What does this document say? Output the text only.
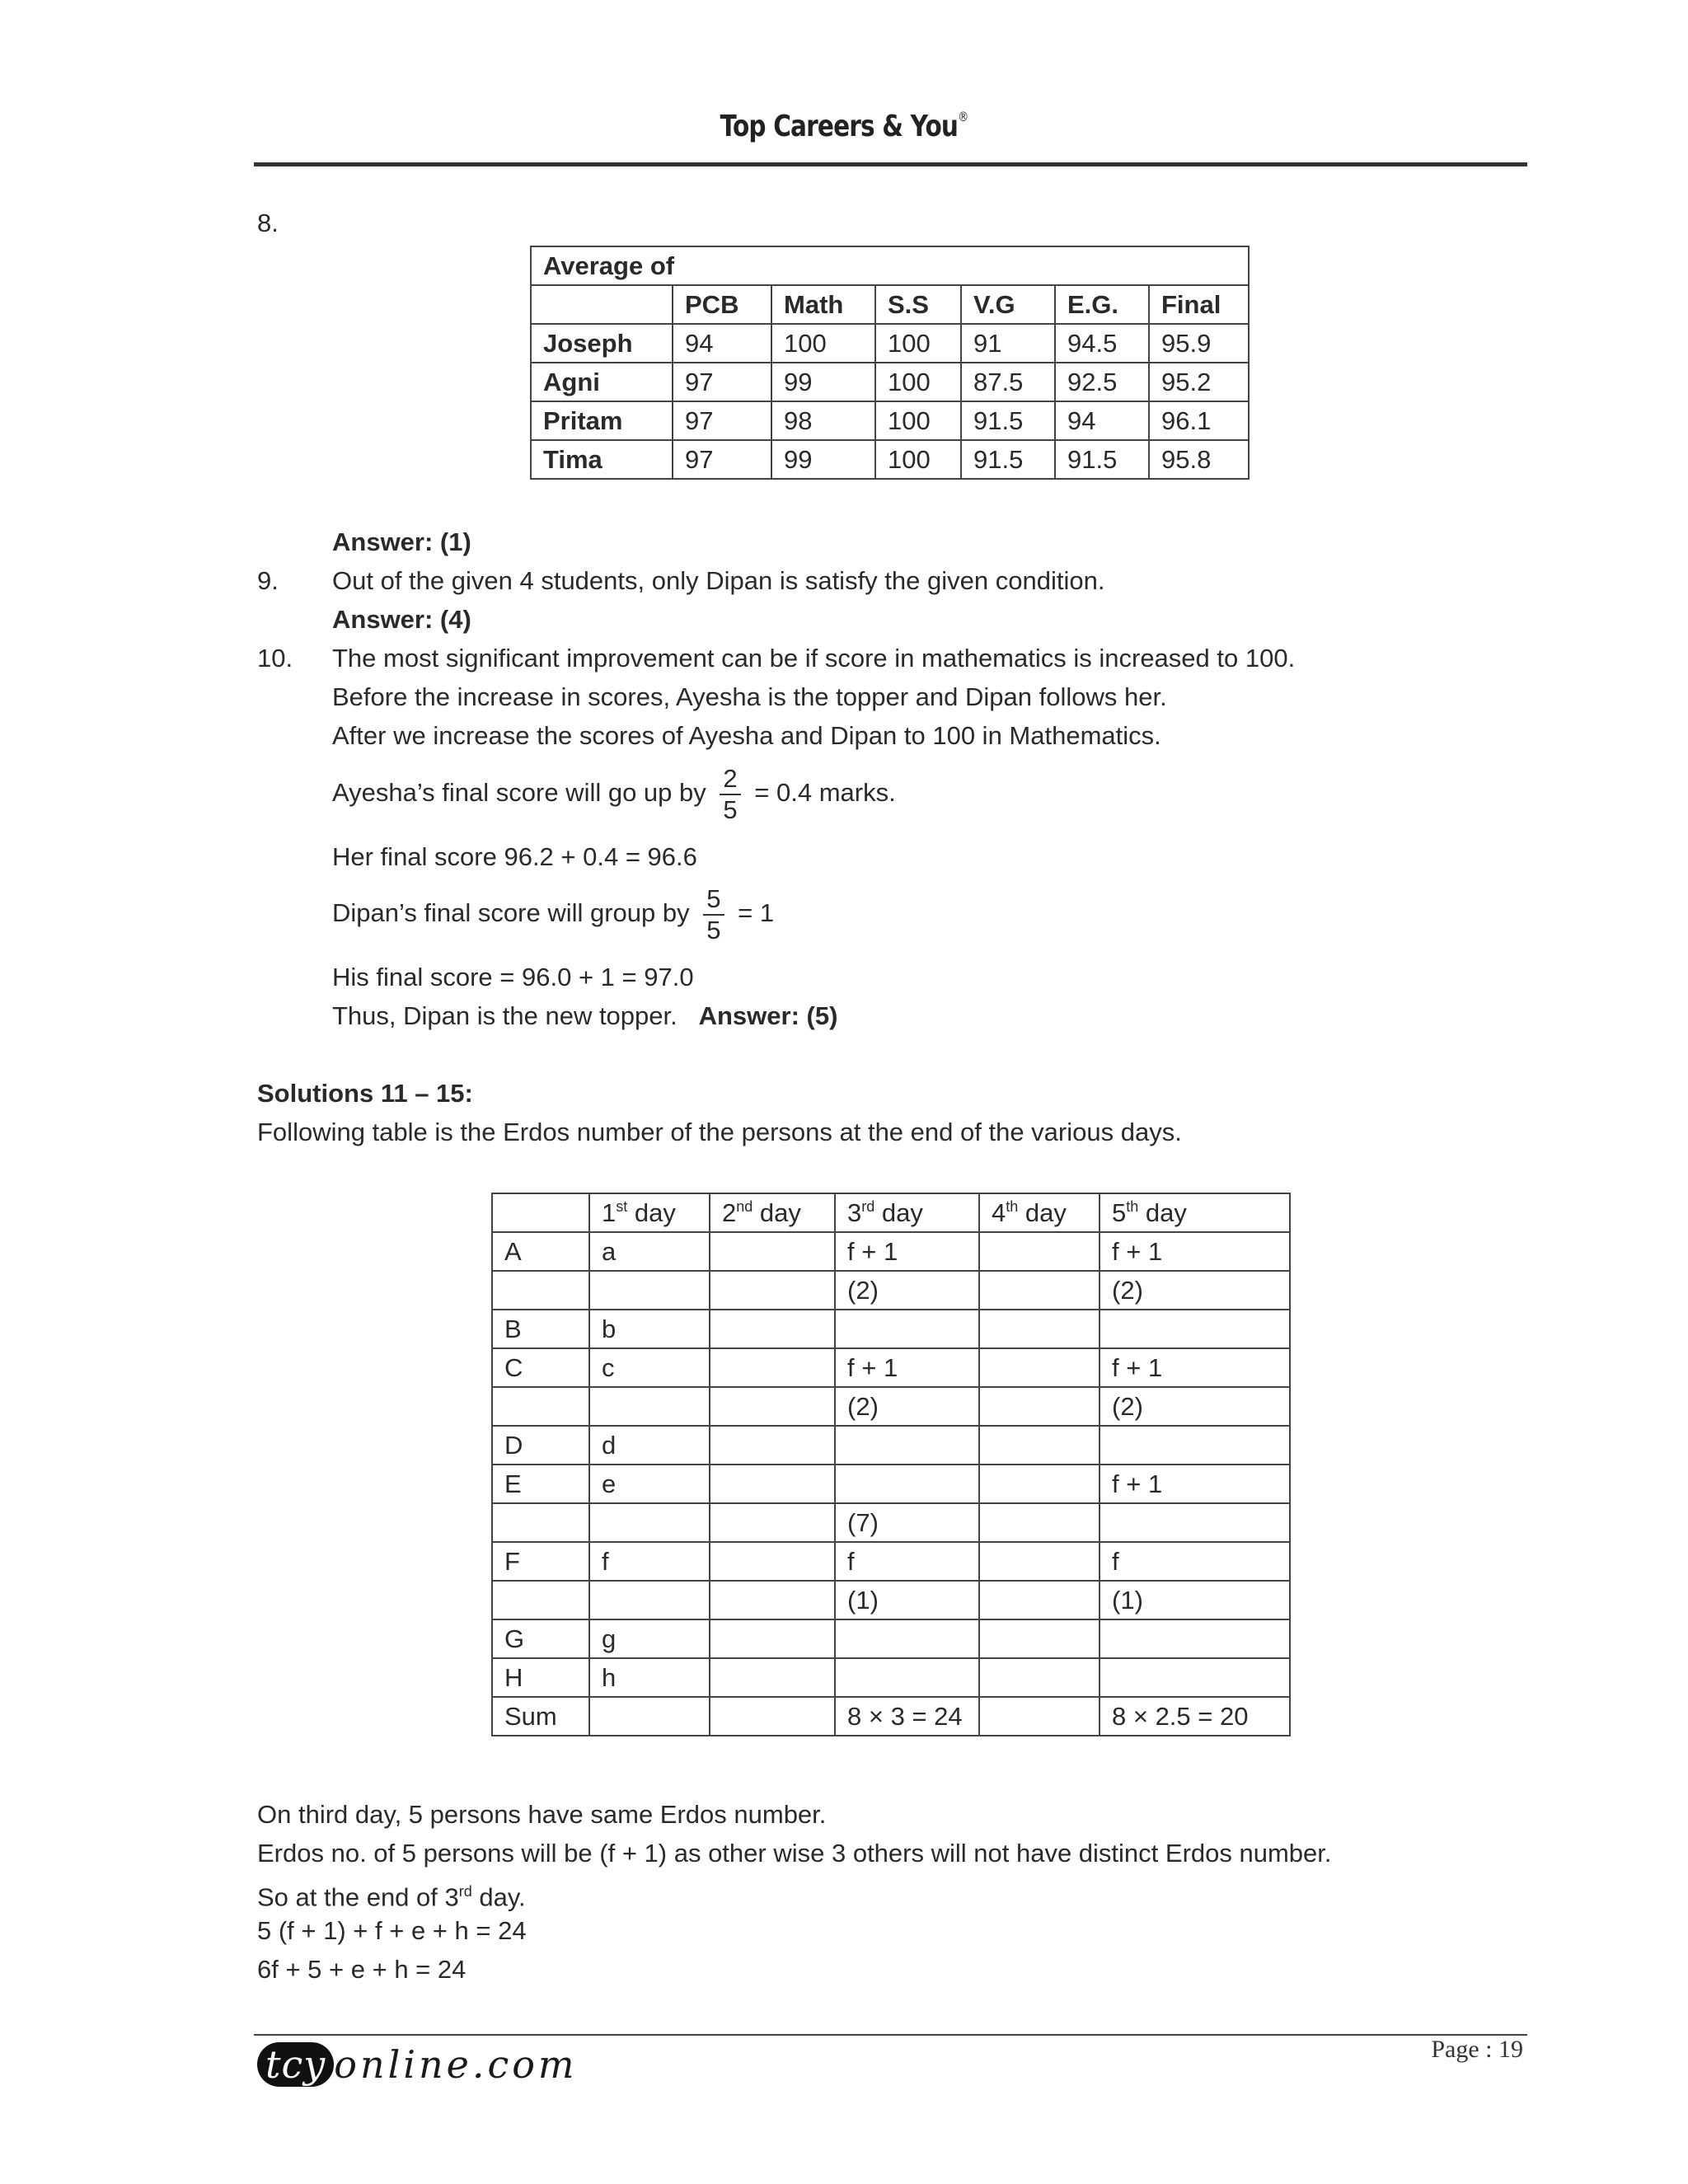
Top Careers & You®
8.
Average of						
	PCB	Math	S.S	V.G	E.G.	Final
Joseph	94	100	100	91	94.5	95.9
Agni	97	99	100	87.5	92.5	95.2
Pritam	97	98	100	91.5	94	96.1
Tima	97	99	100	91.5	91.5	95.8
Answer: (1)
9. Out of the given 4 students, only Dipan is satisfy the given condition.
Answer: (4)
10. The most significant improvement can be if score in mathematics is increased to 100.
Before the increase in scores, Ayesha is the topper and Dipan follows her.
After we increase the scores of Ayesha and Dipan to 100 in Mathematics.
Ayesha’s final score will go up by $\frac{2}{5} = 0.4$ marks.
Her final score 96.2 + 0.4 = 96.6
Dipan’s final score will group by $\frac{5}{5} = 1$
His final score = 96.0 + 1 = 97.0
Thus, Dipan is the new topper. Answer: (5)
Solutions 11 – 15:
Following table is the Erdos number of the persons at the end of the various days.
	1st day	2nd day	3rd day	4th day	5th day
A	a		f + 1		f + 1
			(2)		(2)
B	b				
C	c		f + 1		f + 1
			(2)		(2)
D	d				
E	e				f + 1
			(7)		
F	f		f		f
			(1)		(1)
G	g				
H	h				
Sum			8 × 3 = 24		8 × 2.5 = 20
On third day, 5 persons have same Erdos number.
Erdos no. of 5 persons will be (f + 1) as other wise 3 others will not have distinct Erdos number.
So at the end of 3rd day.
5 (f + 1) + f + e + h = 24
6f + 5 + e + h = 24
tcy online.com	Page : 19
